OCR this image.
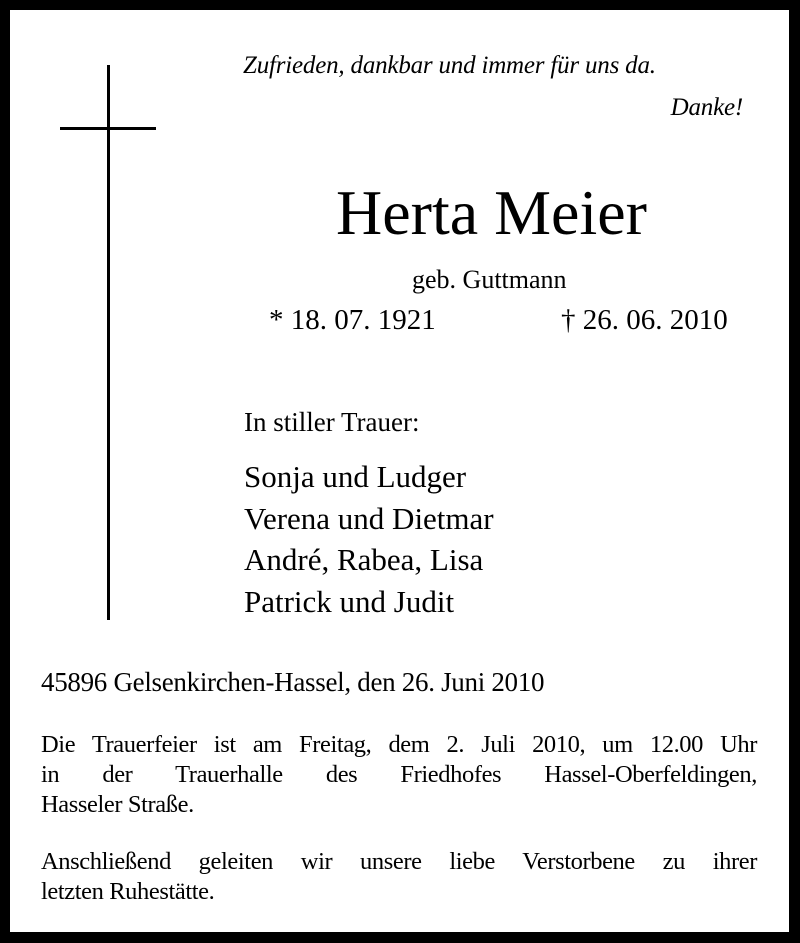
Zufrieden, dankbar und immer für uns da.
Danke!
Herta Meier
geb. Guttmann
* 18. 07. 1921	† 26. 06. 2010
In stiller Trauer:
Sonja und Ludger
Verena und Dietmar
André, Rabea, Lisa
Patrick und Judit
45896 Gelsenkirchen-Hassel, den 26. Juni 2010
Die Trauerfeier ist am Freitag, dem 2. Juli 2010, um 12.00 Uhr
in der Trauerhalle des Friedhofes Hassel-Oberfeldingen,
Hasseler Straße.
Anschließend geleiten wir unsere liebe Verstorbene zu ihrer
letzten Ruhestätte.
